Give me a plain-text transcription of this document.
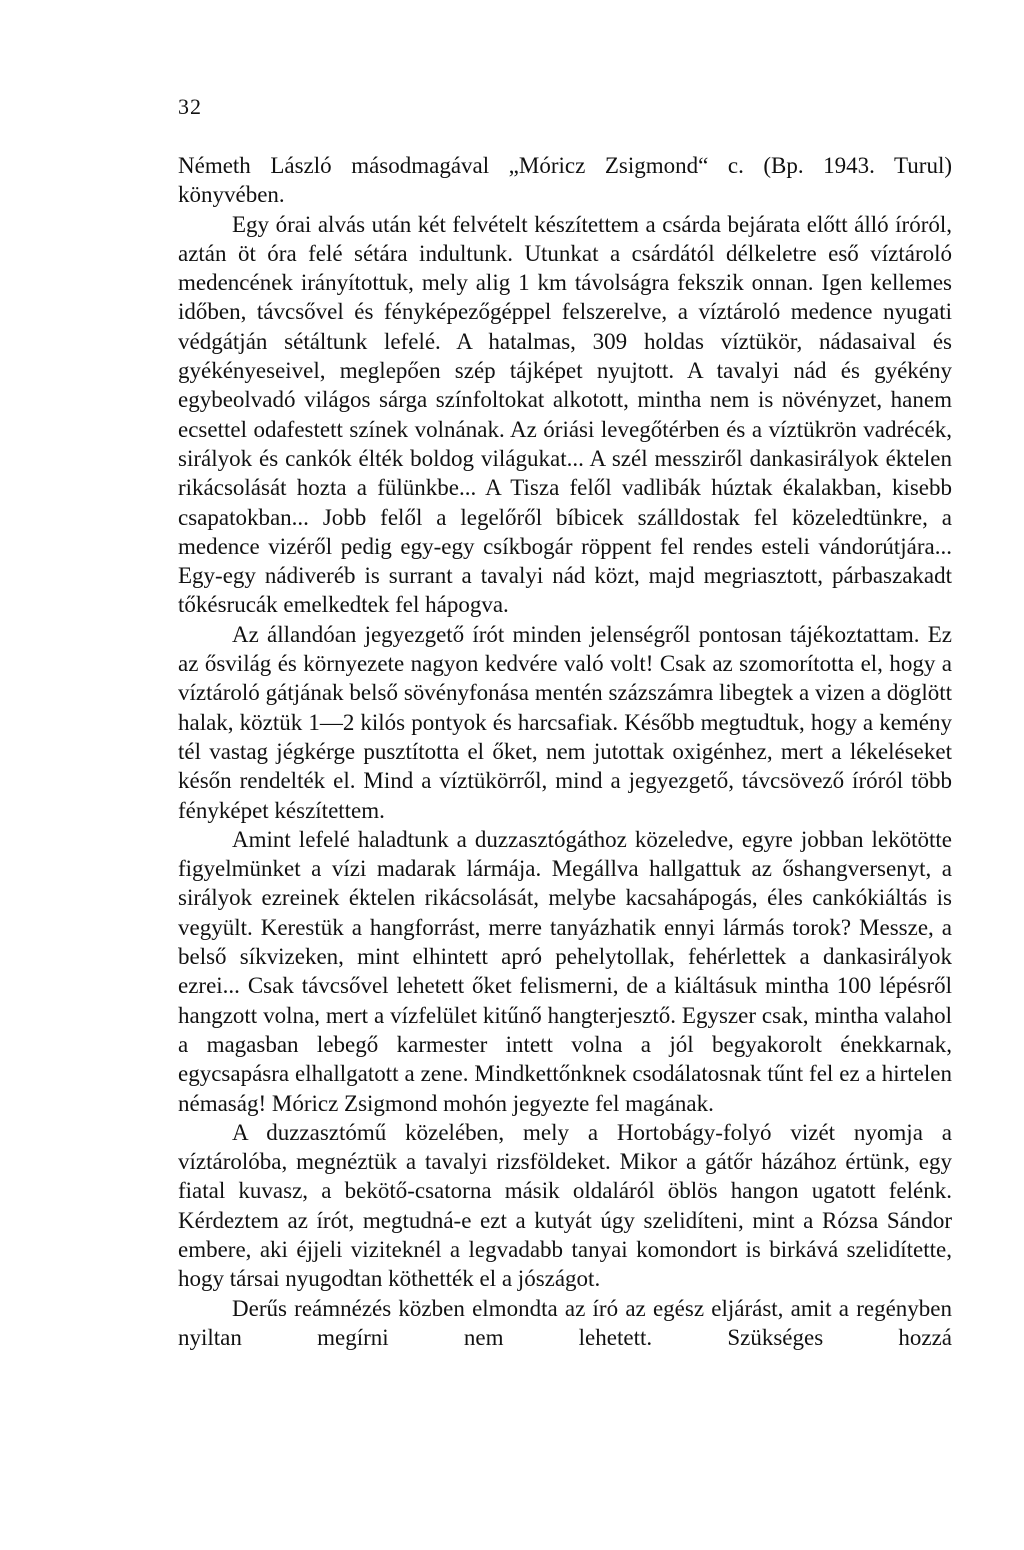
32

Németh László másodmagával „Móricz Zsigmond“ c. (Bp. 1943. Turul) könyvében.

Egy órai alvás után két felvételt készítettem a csárda bejárata előtt álló íróról, aztán öt óra felé sétára indultunk. Utunkat a csárdától délkeletre eső víztároló medencének irányítottuk, mely alig 1 km távolságra fekszik onnan. Igen kellemes időben, távcsővel és fényképezőgéppel felszerelve, a víztároló medence nyugati védgátján sétáltunk lefelé. A hatalmas, 309 holdas víztükör, nádasaival és gyékényeseivel, meglepően szép tájképet nyujtott. A tavalyi nád és gyékény egybeolvadó világos sárga színfoltokat alkotott, mintha nem is növényzet, hanem ecsettel odafestett színek volnának. Az óriási levegőtérben és a víztükrön vadrécék, sirályok és cankók élték boldog világukat... A szél messziről dankasirályok éktelen rikácsolását hozta a fülünkbe... A Tisza felől vadlibák húztak ékalakban, kisebb csapatokban... Jobb felől a legelőről bíbicek szálldostak fel közeledtünkre, a medence vizéről pedig egy-egy csíkbogár röppent fel rendes esteli vándorútjára... Egy-egy nádiveréb is surrant a tavalyi nád közt, majd megriasztott, párbaszakadt tőkésrucák emelkedtek fel hápogva.

Az állandóan jegyezgető írót minden jelenségről pontosan tájékoztattam. Ez az ősvilág és környezete nagyon kedvére való volt! Csak az szomorította el, hogy a víztároló gátjának belső sövényfonása mentén százszámra libegtek a vizen a döglött halak, köztük 1—2 kilós pontyok és harcsafiak. Később megtudtuk, hogy a kemény tél vastag jégkérge pusztította el őket, nem jutottak oxigénhez, mert a lékeléseket későn rendelték el. Mind a víztükörről, mind a jegyezgető, távcsövező íróról több fényképet készítettem.

Amint lefelé haladtunk a duzzasztógáthoz közeledve, egyre jobban lekötötte figyelmünket a vízi madarak lármája. Megállva hallgattuk az őshangversenyt, a sirályok ezreinek éktelen rikácsolását, melybe kacsahápogás, éles cankókiáltás is vegyült. Kerestük a hangforrást, merre tanyázhatik ennyi lármás torok? Messze, a belső síkvizeken, mint elhintett apró pehelytollak, fehérlettek a dankasirályok ezrei... Csak távcsővel lehetett őket felismerni, de a kiáltásuk mintha 100 lépésről hangzott volna, mert a vízfelület kitűnő hangterjesztő. Egyszer csak, mintha valahol a magasban lebegő karmester intett volna a jól begyakorolt énekkarnak, egycsapásra elhallgatott a zene. Mindkettőnknek csodálatosnak tűnt fel ez a hirtelen némaság! Móricz Zsigmond mohón jegyezte fel magának.

A duzzasztómű közelében, mely a Hortobágy-folyó vizét nyomja a víztárolóba, megnéztük a tavalyi rizsföldeket. Mikor a gátőr házához értünk, egy fiatal kuvasz, a bekötő-csatorna másik oldaláról öblös hangon ugatott felénk. Kérdeztem az írót, megtudná-e ezt a kutyát úgy szelidíteni, mint a Rózsa Sándor embere, aki éjjeli viziteknél a legvadabb tanyai komondort is birkává szelidítette, hogy társai nyugodtan köthették el a jószágot.

Derűs reámnézés közben elmondta az író az egész eljárást, amit a regényben nyiltan megírni nem lehetett. Szükséges hozzá
